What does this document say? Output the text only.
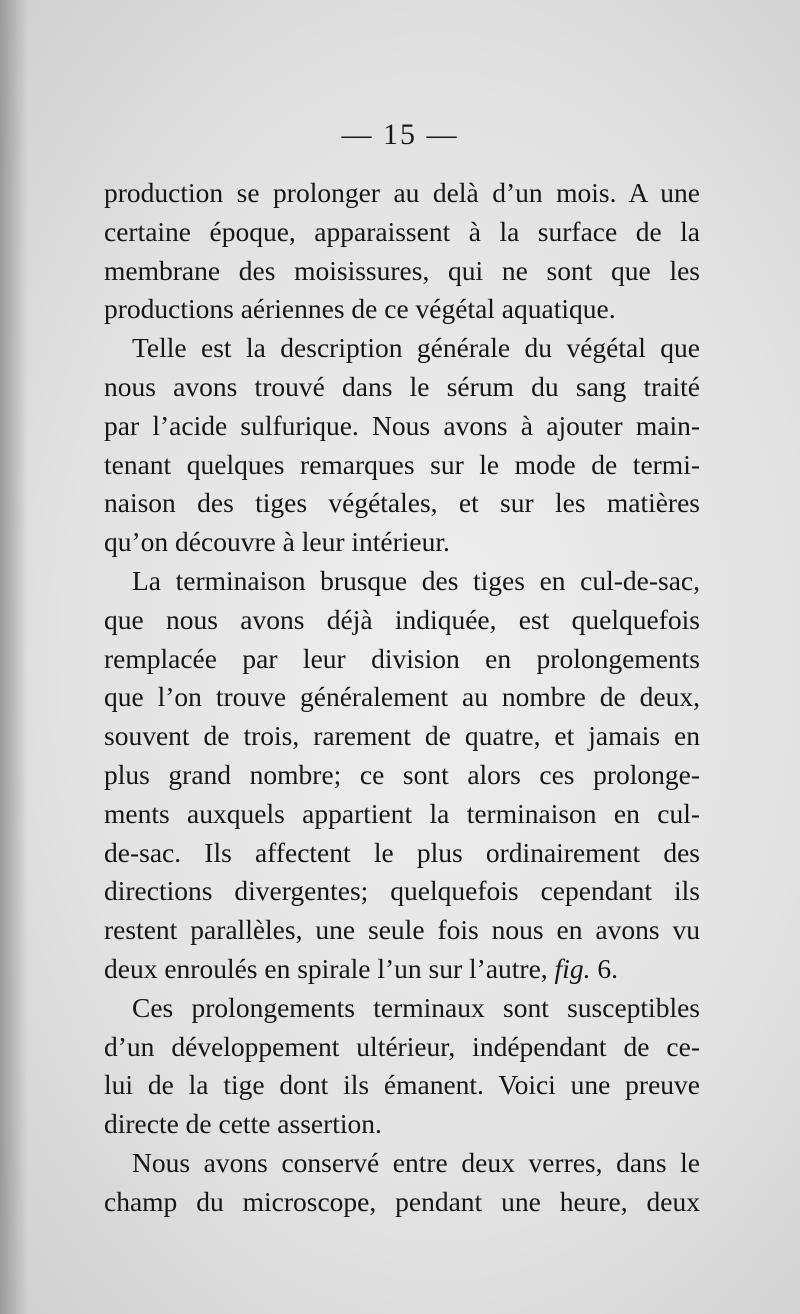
— 15 —
production se prolonger au delà d’un mois. A une
certaine époque, apparaissent à la surface de la
membrane des moisissures, qui ne sont que les
productions aériennes de ce végétal aquatique.
Telle est la description générale du végétal que
nous avons trouvé dans le sérum du sang traité
par l’acide sulfurique. Nous avons à ajouter main-
tenant quelques remarques sur le mode de termi-
naison des tiges végétales, et sur les matières
qu’on découvre à leur intérieur.
La terminaison brusque des tiges en cul-de-sac,
que nous avons déjà indiquée, est quelquefois
remplacée par leur division en prolongements
que l’on trouve généralement au nombre de deux,
souvent de trois, rarement de quatre, et jamais en
plus grand nombre; ce sont alors ces prolonge-
ments auxquels appartient la terminaison en cul-
de-sac. Ils affectent le plus ordinairement des
directions divergentes; quelquefois cependant ils
restent parallèles, une seule fois nous en avons vu
deux enroulés en spirale l’un sur l’autre, fig. 6.
Ces prolongements terminaux sont susceptibles
d’un développement ultérieur, indépendant de ce-
lui de la tige dont ils émanent. Voici une preuve
directe de cette assertion.
Nous avons conservé entre deux verres, dans le
champ du microscope, pendant une heure, deux
